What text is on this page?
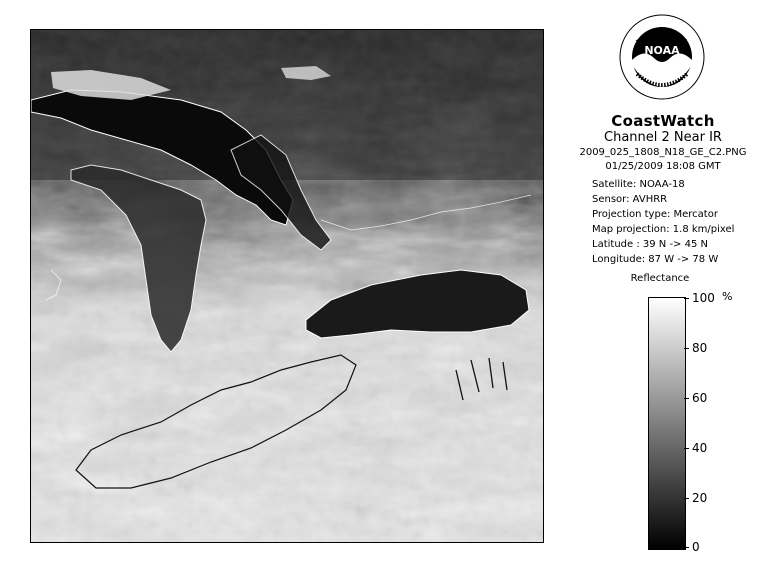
NOAA
CoastWatch
Channel 2 Near IR
2009_025_1808_N18_GE_C2.PNG
01/25/2009 18:08 GMT
Satellite: NOAA-18
Sensor: AVHRR
Projection type: Mercator
Map projection: 1.8 km/pixel
Latitude : 39 N -> 45 N
Longitude: 87 W -> 78 W
Reflectance
%
100
80
60
40
20
0
